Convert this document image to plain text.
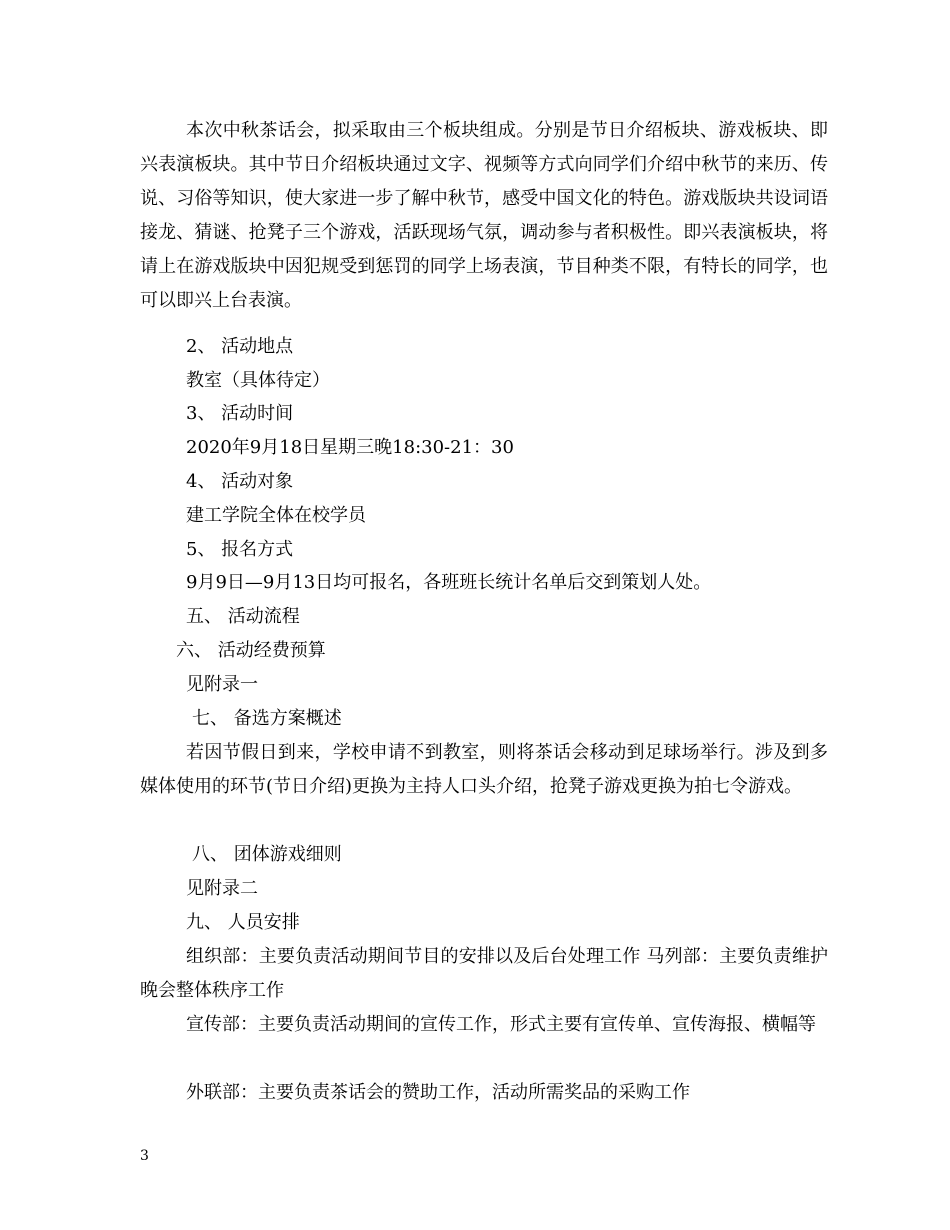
本次中秋茶话会，拟采取由三个板块组成。分别是节日介绍板块、游戏板块、即兴表演板块。其中节日介绍板块通过文字、视频等方式向同学们介绍中秋节的来历、传说、习俗等知识，使大家进一步了解中秋节，感受中国文化的特色。游戏版块共设词语接龙、猜谜、抢凳子三个游戏，活跃现场气氛，调动参与者积极性。即兴表演板块，将请上在游戏版块中因犯规受到惩罚的同学上场表演，节目种类不限，有特长的同学，也可以即兴上台表演。

2、 活动地点

教室（具体待定）

3、 活动时间

2020年9月18日星期三晚18:30-21：30

4、 活动对象

建工学院全体在校学员

5、 报名方式

9月9日—9月13日均可报名，各班班长统计名单后交到策划人处。

五、 活动流程

六、 活动经费预算

见附录一

七、 备选方案概述

若因节假日到来，学校申请不到教室，则将茶话会移动到足球场举行。涉及到多媒体使用的环节(节日介绍)更换为主持人口头介绍，抢凳子游戏更换为拍七令游戏。

八、 团体游戏细则

见附录二

九、 人员安排

组织部：主要负责活动期间节目的安排以及后台处理工作 马列部：主要负责维护晚会整体秩序工作

宣传部：主要负责活动期间的宣传工作，形式主要有宣传单、宣传海报、横幅等

外联部：主要负责茶话会的赞助工作，活动所需奖品的采购工作

3
